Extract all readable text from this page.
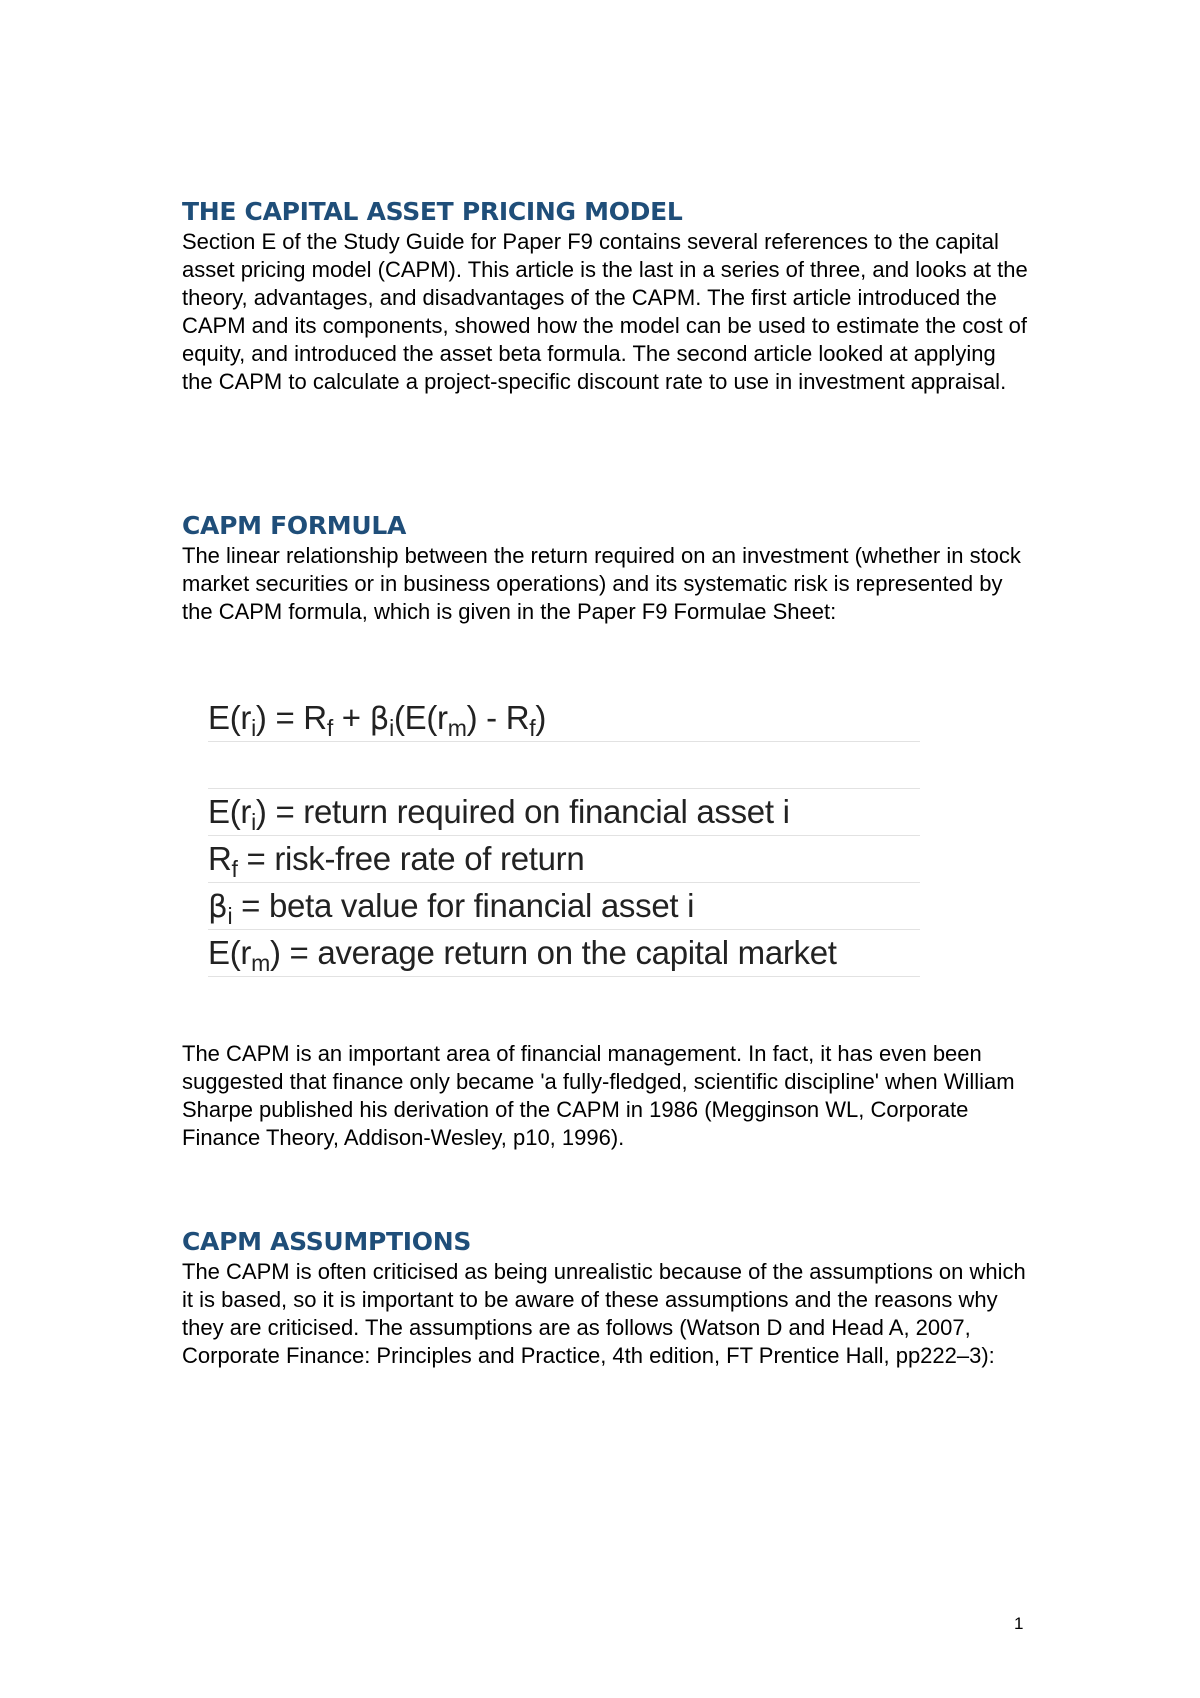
THE CAPITAL ASSET PRICING MODEL

Section E of the Study Guide for Paper F9 contains several references to the capital asset pricing model (CAPM). This article is the last in a series of three, and looks at the theory, advantages, and disadvantages of the CAPM. The first article introduced the CAPM and its components, showed how the model can be used to estimate the cost of equity, and introduced the asset beta formula. The second article looked at applying the CAPM to calculate a project-specific discount rate to use in investment appraisal.

CAPM FORMULA

The linear relationship between the return required on an investment (whether in stock market securities or in business operations) and its systematic risk is represented by the CAPM formula, which is given in the Paper F9 Formulae Sheet:

The CAPM is an important area of financial management. In fact, it has even been suggested that finance only became 'a fully-fledged, scientific discipline' when William Sharpe published his derivation of the CAPM in 1986 (Megginson WL, Corporate Finance Theory, Addison-Wesley, p10, 1996).

CAPM ASSUMPTIONS

The CAPM is often criticised as being unrealistic because of the assumptions on which it is based, so it is important to be aware of these assumptions and the reasons why they are criticised. The assumptions are as follows (Watson D and Head A, 2007, Corporate Finance: Principles and Practice, 4th edition, FT Prentice Hall, pp222–3):

$E(r_i) = R_f + \beta_i(E(r_m) - R_f)$
$E(r_i)$ = return required on financial asset i
$R_f$ = risk-free rate of return
$\beta_i$ = beta value for financial asset i
$E(r_m)$ = average return on the capital market
1
